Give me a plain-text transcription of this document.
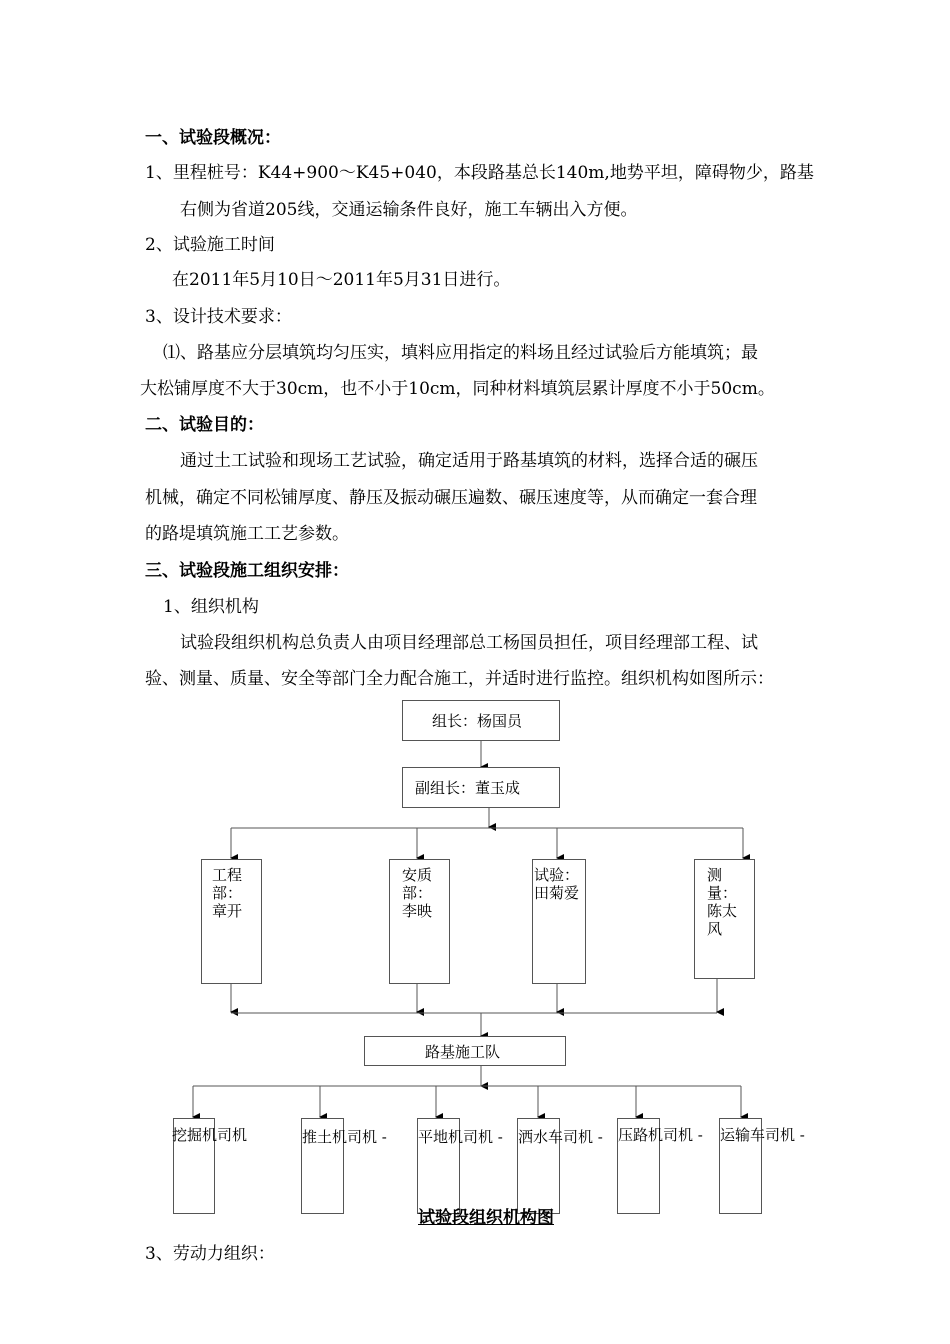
一、试验段概况：
1、里程桩号：K44+900～K45+040，本段路基总长140m,地势平坦，障碍物少，路基
右侧为省道205线，交通运输条件良好，施工车辆出入方便。
2、试验施工时间
在2011年5月10日～2011年5月31日进行。
3、设计技术要求：
⑴、路基应分层填筑均匀压实，填料应用指定的料场且经过试验后方能填筑；最
大松铺厚度不大于30cm，也不小于10cm，同种材料填筑层累计厚度不小于50cm。
二、试验目的：
通过土工试验和现场工艺试验，确定适用于路基填筑的材料，选择合适的碾压
机械，确定不同松铺厚度、静压及振动碾压遍数、碾压速度等，从而确定一套合理
的路堤填筑施工工艺参数。
三、试验段施工组织安排：
1、组织机构
试验段组织机构总负责人由项目经理部总工杨国员担任，项目经理部工程、试
验、测量、质量、安全等部门全力配合施工，并适时进行监控。组织机构如图所示：
组长：杨国员
副组长：董玉成
工程
部：
章开
安质
部：
李映
试验：
田菊爱
测
量：
陈太
风
路基施工队
挖掘机司机	推土机司机 - 平地机司机 - 洒水车司机 - 压路机司机 - 运输车司机 -
试验段组织机构图
3、劳动力组织：
